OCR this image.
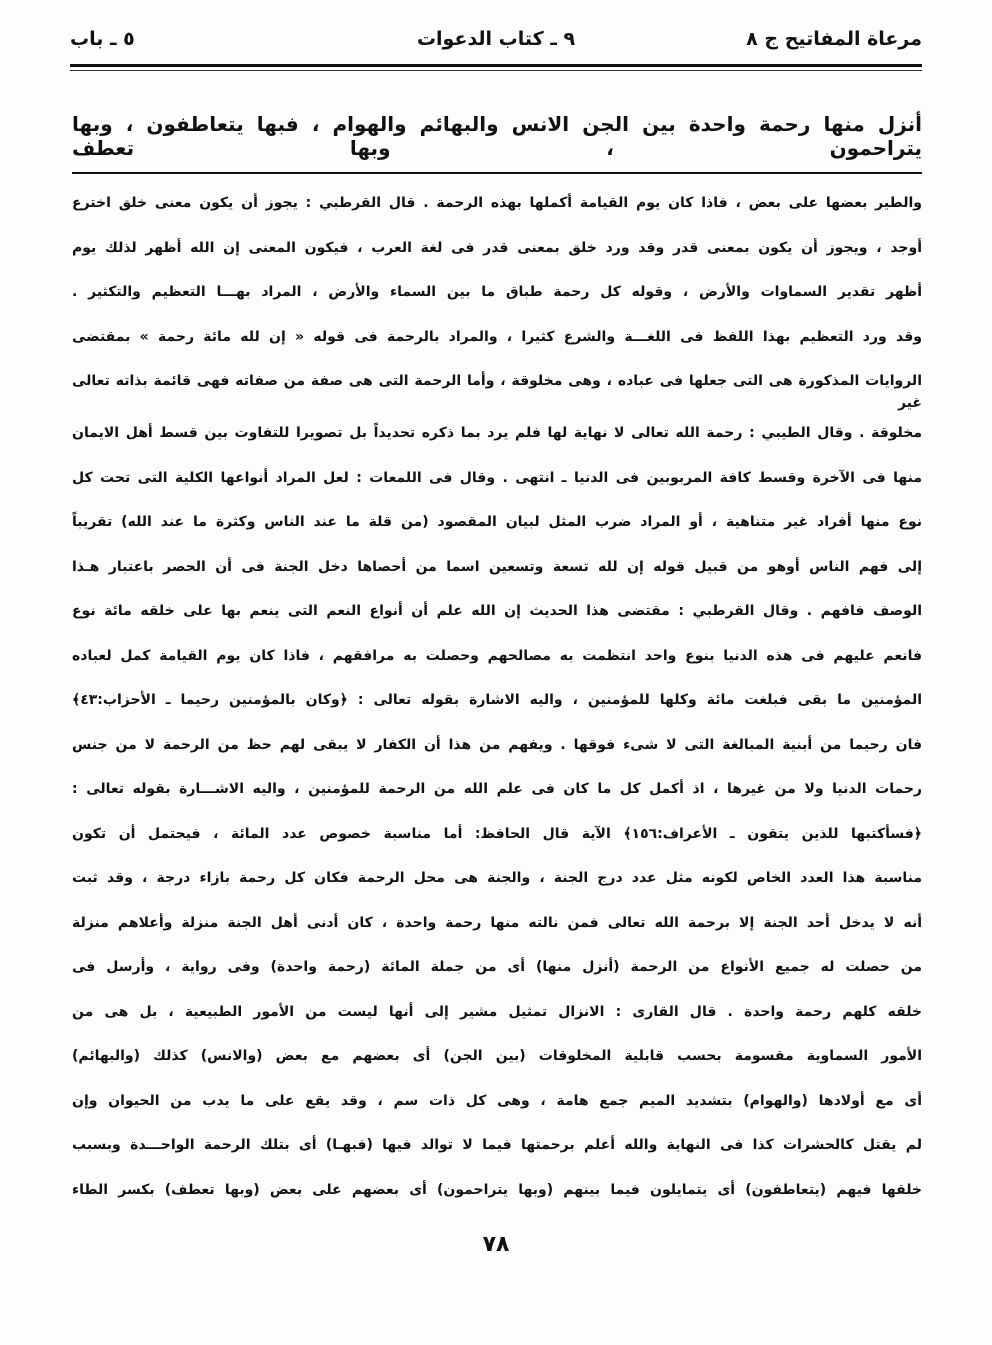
مرعاة المفاتيح ج ٨
٩ ـ كتاب الدعوات
٥ ـ باب
أنزل منها رحمة واحدة بين الجن الانس والبهائم والهوام ، فبها يتعاطفون ، وبها يتراحمون ، وبها تعطف
والطير بعضها على بعض ، فاذا كان يوم القيامة أكملها بهذه الرحمة . قال القرطبي : يجوز أن يكون معنى خلق اخترع
أوجد ، ويجوز أن يكون بمعنى قدر وقد ورد خلق بمعنى قدر فى لغة العرب ، فيكون المعنى إن الله أظهر لذلك يوم
أظهر تقدير السماوات والأرض ، وقوله كل رحمة طباق ما بين السماء والأرض ، المراد بهـــا التعظيم والتكثير .
وقد ورد التعظيم بهذا اللفظ فى اللغـــة والشرع كثيرا ، والمراد بالرحمة فى قوله « إن لله مائة رحمة » بمقتضى
الروايات المذكورة هى التى جعلها فى عباده ، وهى مخلوقة ، وأما الرحمة التى هى صفة من صفاته فهى قائمة بذاته تعالى غير
مخلوقة . وقال الطيبي : رحمة الله تعالى لا نهاية لها فلم يرد بما ذكره تحديداً بل تصويرا للتفاوت بين قسط أهل الايمان
منها فى الآخرة وقسط كافة المربوبين فى الدنيا ـ انتهى . وقال فى اللمعات : لعل المراد أنواعها الكلية التى تحت كل
نوع منها أفراد غير متناهية ، أو المراد ضرب المثل لبيان المقصود (من قلة ما عند الناس وكثرة ما عند الله) تقريباً
إلى فهم الناس أوهو من قبيل قوله إن لله تسعة وتسعين اسما من أحصاها دخل الجنة فى أن الحصر باعتبار هـذا
الوصف فافهم . وقال القرطبي : مقتضى هذا الحديث إن الله علم أن أنواع النعم التى ينعم بها على خلقه مائة نوع
فانعم عليهم فى هذه الدنيا بنوع واحد انتظمت به مصالحهم وحصلت به مرافقهم ، فاذا كان يوم القيامة كمل لعباده
المؤمنين ما بقى فبلغت مائة وكلها للمؤمنين ، واليه الاشارة بقوله تعالى : ﴿وكان بالمؤمنين رحيما ـ الأحزاب:٤٣﴾
فان رحيما من أبنية المبالغة التى لا شىء فوقها . ويفهم من هذا أن الكفار لا يبقى لهم حظ من الرحمة لا من جنس
رحمات الدنيا ولا من غيرها ، اذ أكمل كل ما كان فى علم الله من الرحمة للمؤمنين ، واليه الاشـــارة بقوله تعالى :
﴿فسأكتبها للذين يتقون ـ الأعراف:١٥٦﴾ الآية قال الحافظ: أما مناسبة خصوص عدد المائة ، فيحتمل أن تكون
مناسبة هذا العدد الخاص لكونه مثل عدد درج الجنة ، والجنة هى محل الرحمة فكان كل رحمة بازاء درجة ، وقد ثبت
أنه لا يدخل أحد الجنة إلا برحمة الله تعالى فمن نالته منها رحمة واحدة ، كان أدنى أهل الجنة منزلة وأعلاهم منزلة
من حصلت له جميع الأنواع من الرحمة (أنزل منها) أى من جملة المائة (رحمة واحدة) وفى رواية ، وأرسل فى
خلقه كلهم رحمة واحدة . قال القارى : الانزال تمثيل مشير إلى أنها ليست من الأمور الطبيعية ، بل هى من
الأمور السماوية مقسومة بحسب قابلية المخلوقات (بين الجن) أى بعضهم مع بعض (والانس) كذلك (والبهائم)
أى مع أولادها (والهوام) بتشديد الميم جمع هامة ، وهى كل ذات سم ، وقد يقع على ما يدب من الحيوان وإن
لم يقتل كالحشرات كذا فى النهاية والله أعلم برحمتها فيما لا توالد فيها (فبهـا) أى بتلك الرحمة الواحـــدة وبسبب
خلقها فيهم (يتعاطفون) أى يتمايلون فيما بينهم (وبها يتراحمون) أى بعضهم على بعض (وبها تعطف) بكسر الطاء
٧٨
